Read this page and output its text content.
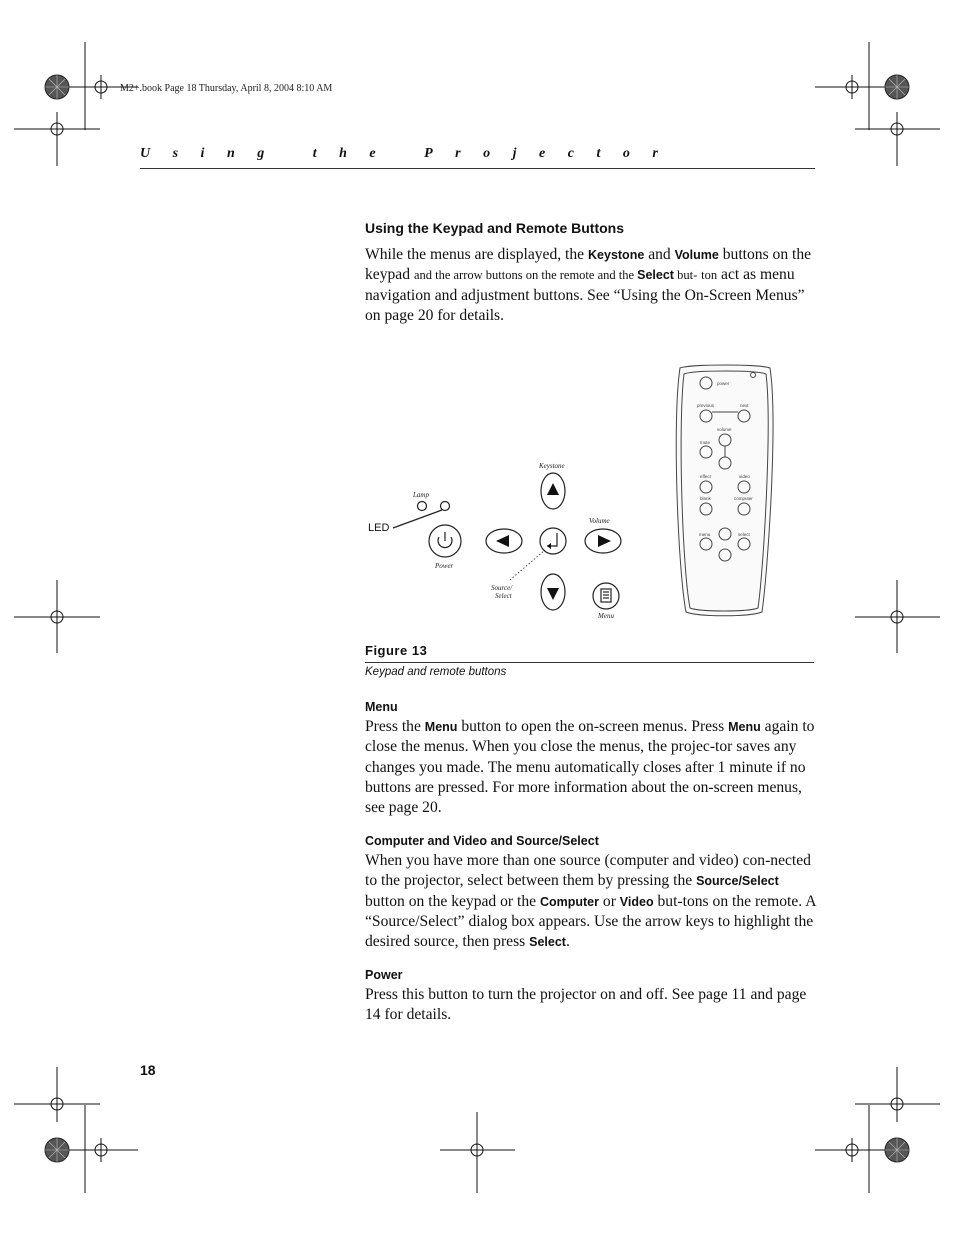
M2+.book Page 18 Thursday, April 8, 2004 8:10 AM
Using the Projector
Using the Keypad and Remote Buttons
While the menus are displayed, the Keystone and Volume buttons on the keypad and the arrow buttons on the remote and the Select but- ton act as menu navigation and adjustment buttons. See “Using the On-Screen Menus” on page 20 for details.
Keystone
Lamp
LED
Volume
Power
Source/
Select
Menu
power
previous	next
volume
mute
effect	video
blank	computer
menu	select
Figure 13
Keypad and remote buttons
Menu
Press the Menu button to open the on-screen menus. Press Menu again to close the menus. When you close the menus, the projec-tor saves any changes you made. The menu automatically closes after 1 minute if no buttons are pressed. For more information about the on-screen menus, see page 20.
Computer and Video and Source/Select
When you have more than one source (computer and video) con-nected to the projector, select between them by pressing the Source/Select button on the keypad or the Computer or Video but-tons on the remote. A “Source/Select” dialog box appears. Use the arrow keys to highlight the desired source, then press Select.
Power
Press this button to turn the projector on and off. See page 11 and page 14 for details.
18
